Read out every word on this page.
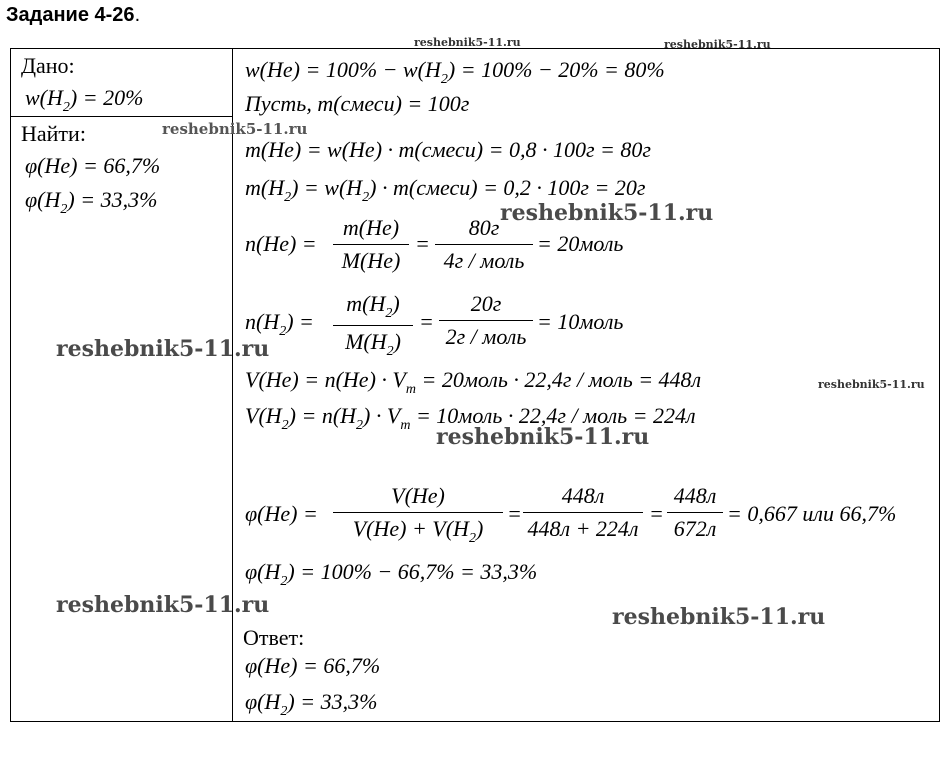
Задание 4-26.
Дано:
$w(H_2) = 20\%$
Найти:
φ(He) = 66,7%
$\varphi(H_2) = 33,3\%$
$w(He) = 100\% - w(H_2) = 100\% - 20\% = 80\%$
Пусть, m(смеси) = 100г
m(He) = w(He) · m(смеси) = 0,8 · 100г = 80г
$m(H_2) = w(H_2)$ · m(смеси) = 0,2 · 100г = 20г
n(He) =
m(He)
M(He)
=
80г
4г / моль
= 20моль
$n(H_2)$ =
$m(H_2)$
$M(H_2)$
=
20г
2г / моль
= 10моль
$V(He) = n(He) \cdot V_m$ = 20моль · 22,4г / моль = 448л
$V(H_2) = n(H_2) \cdot V_m$ = 10моль · 22,4г / моль = 224л
φ(He) =
V(He)
$V(He) + V(H_2)$
=
448л
448л + 224л
=
448л
672л
= 0,667 или 66,7%
$\varphi(H_2) = 100\% - 66,7\% = 33,3\%$
Ответ:
φ(He) = 66,7%
$\varphi(H_2) = 33,3\%$
reshebnik5-11.ru	reshebnik5-11.ru
reshebnik5-11.ru
reshebnik5-11.ru
reshebnik5-11.ru
reshebnik5-11.ru
reshebnik5-11.ru
reshebnik5-11.ru	reshebnik5-11.ru
